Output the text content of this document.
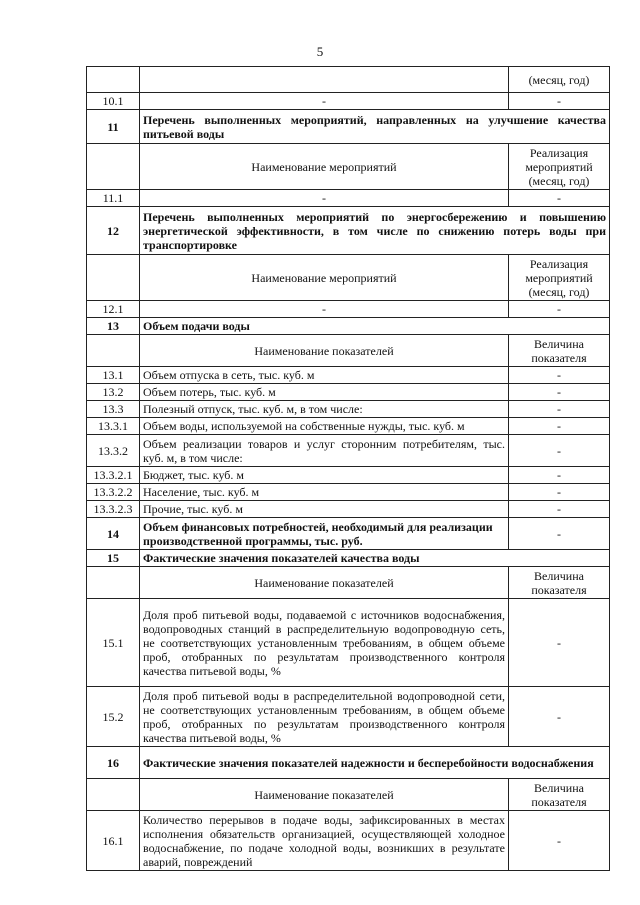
5
		(месяц, год)
10.1	-	-
11	Перечень выполненных мероприятий, направленных на улучшение качества питьевой воды	
	Наименование мероприятий	Реализация мероприятий (месяц, год)
11.1	-	-
12	Перечень выполненных мероприятий по энергосбережению и повышению энергетической эффективности, в том числе по снижению потерь воды при транспортировке	
	Наименование мероприятий	Реализация мероприятий (месяц, год)
12.1	-	-
13	Объем подачи воды	
	Наименование показателей	Величина показателя
13.1	Объем отпуска в сеть, тыс. куб. м	-
13.2	Объем потерь, тыс. куб. м	-
13.3	Полезный отпуск, тыс. куб. м, в том числе:	-
13.3.1	Объем воды, используемой на собственные нужды, тыс. куб. м	-
13.3.2	Объем реализации товаров и услуг сторонним потребителям, тыс. куб. м, в том числе:	-
13.3.2.1	Бюджет, тыс. куб. м	-
13.3.2.2	Население, тыс. куб. м	-
13.3.2.3	Прочие, тыс. куб. м	-
14	Объем финансовых потребностей, необходимый для реализации производственной программы, тыс. руб.	-
15	Фактические значения показателей качества воды	
	Наименование показателей	Величина показателя
15.1	Доля проб питьевой воды, подаваемой с источников водоснабжения, водопроводных станций в распределительную водопроводную сеть, не соответствующих установленным требованиям, в общем объеме проб, отобранных по результатам производственного контроля качества питьевой воды, %	-
15.2	Доля проб питьевой воды в распределительной водопроводной сети, не соответствующих установленным требованиям, в общем объеме проб, отобранных по результатам производственного контроля качества питьевой воды, %	-
16	Фактические значения показателей надежности и бесперебойности водоснабжения	
	Наименование показателей	Величина показателя
16.1	Количество перерывов в подаче воды, зафиксированных в местах исполнения обязательств организацией, осуществляющей холодное водоснабжение, по подаче холодной воды, возникших в результате аварий, повреждений	-
